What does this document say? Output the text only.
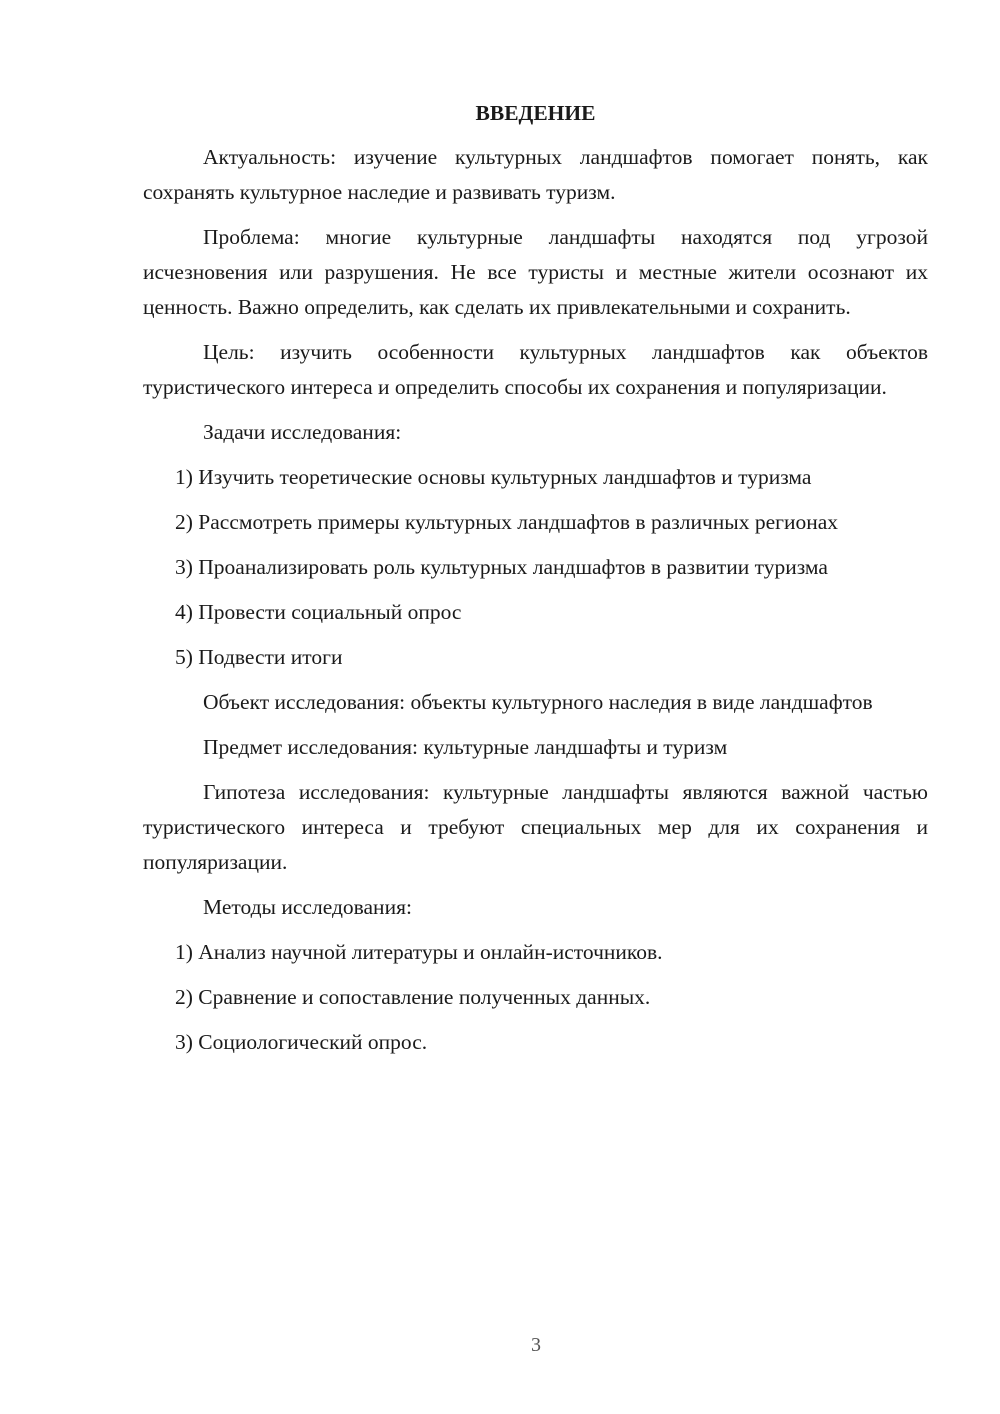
ВВЕДЕНИЕ

Актуальность: изучение культурных ландшафтов помогает понять, как сохранять культурное наследие и развивать туризм.

Проблема: многие культурные ландшафты находятся под угрозой исчезновения или разрушения. Не все туристы и местные жители осознают их ценность. Важно определить, как сделать их привлекательными и сохранить.

Цель: изучить особенности культурных ландшафтов как объектов туристического интереса и определить способы их сохранения и популяризации.

Задачи исследования:

1) Изучить теоретические основы культурных ландшафтов и туризма

2) Рассмотреть примеры культурных ландшафтов в различных регионах

3) Проанализировать роль культурных ландшафтов в развитии туризма

4) Провести социальный опрос

5) Подвести итоги

Объект исследования: объекты культурного наследия в виде ландшафтов

Предмет исследования: культурные ландшафты и туризм

Гипотеза исследования: культурные ландшафты являются важной частью туристического интереса и требуют специальных мер для их сохранения и популяризации.

Методы исследования:

1) Анализ научной литературы и онлайн-источников.

2) Сравнение и сопоставление полученных данных.

3) Социологический опрос.

3
